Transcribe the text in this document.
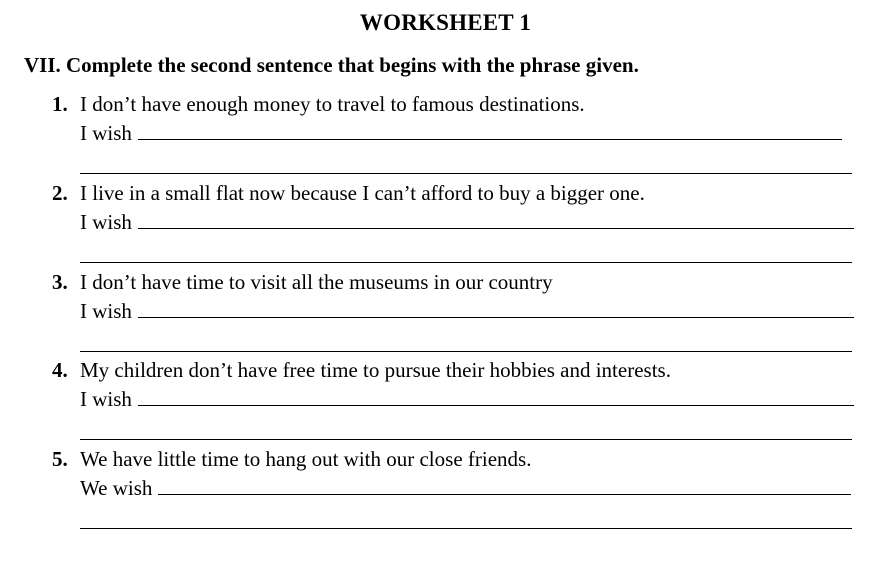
WORKSHEET 1
VII. Complete the second sentence that begins with the phrase given.
1. I don’t have enough money to travel to famous destinations.
I wish
2. I live in a small flat now because I can’t afford to buy a bigger one.
I wish
3. I don’t have time to visit all the museums in our country
I wish
4. My children don’t have free time to pursue their hobbies and interests.
I wish
5. We have little time to hang out with our close friends.
We wish
